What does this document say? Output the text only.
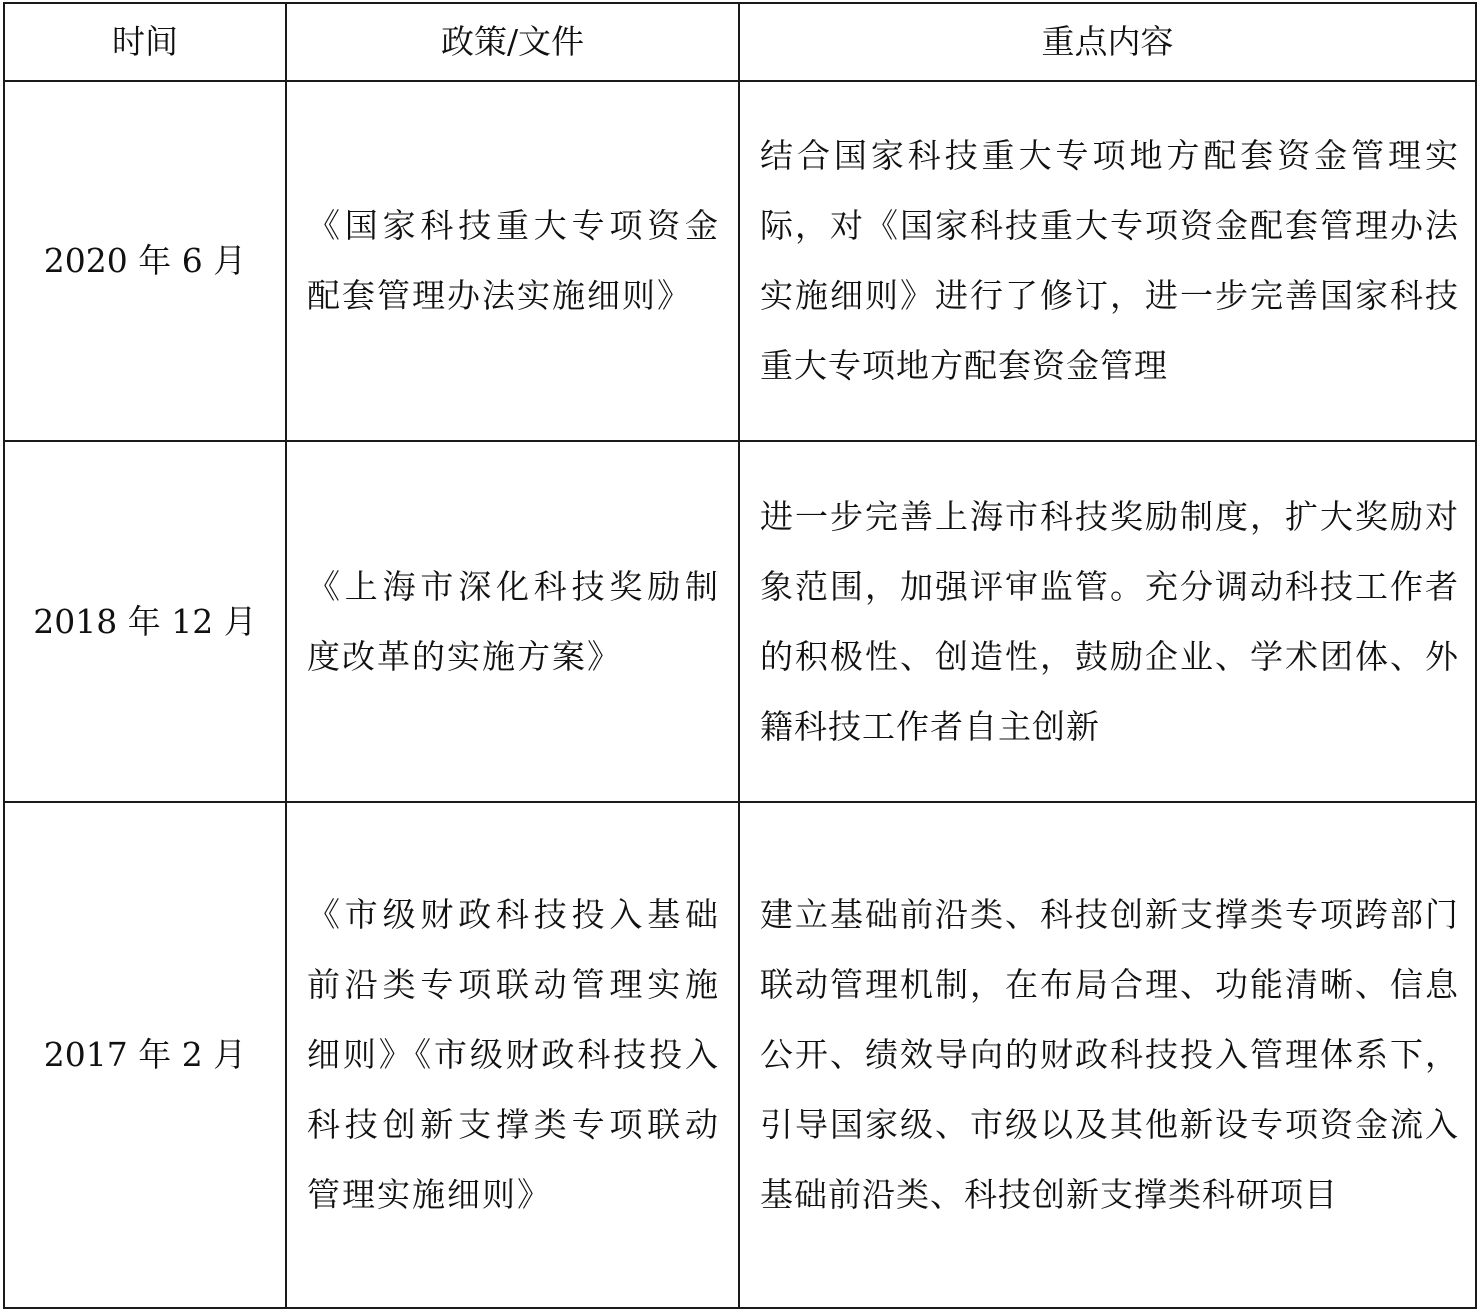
时间	政策/文件	重点内容
2020 年 6 月	《国家科技重大专项资金配套管理办法实施细则》	结合国家科技重大专项地方配套资金管理实际，对《国家科技重大专项资金配套管理办法实施细则》进行了修订，进一步完善国家科技重大专项地方配套资金管理
2018 年 12 月	《上海市深化科技奖励制度改革的实施方案》	进一步完善上海市科技奖励制度，扩大奖励对象范围，加强评审监管。充分调动科技工作者的积极性、创造性，鼓励企业、学术团体、外籍科技工作者自主创新
2017 年 2 月	《市级财政科技投入基础前沿类专项联动管理实施细则》《市级财政科技投入科技创新支撑类专项联动管理实施细则》	建立基础前沿类、科技创新支撑类专项跨部门联动管理机制，在布局合理、功能清晰、信息公开、绩效导向的财政科技投入管理体系下，引导国家级、市级以及其他新设专项资金流入基础前沿类、科技创新支撑类科研项目
